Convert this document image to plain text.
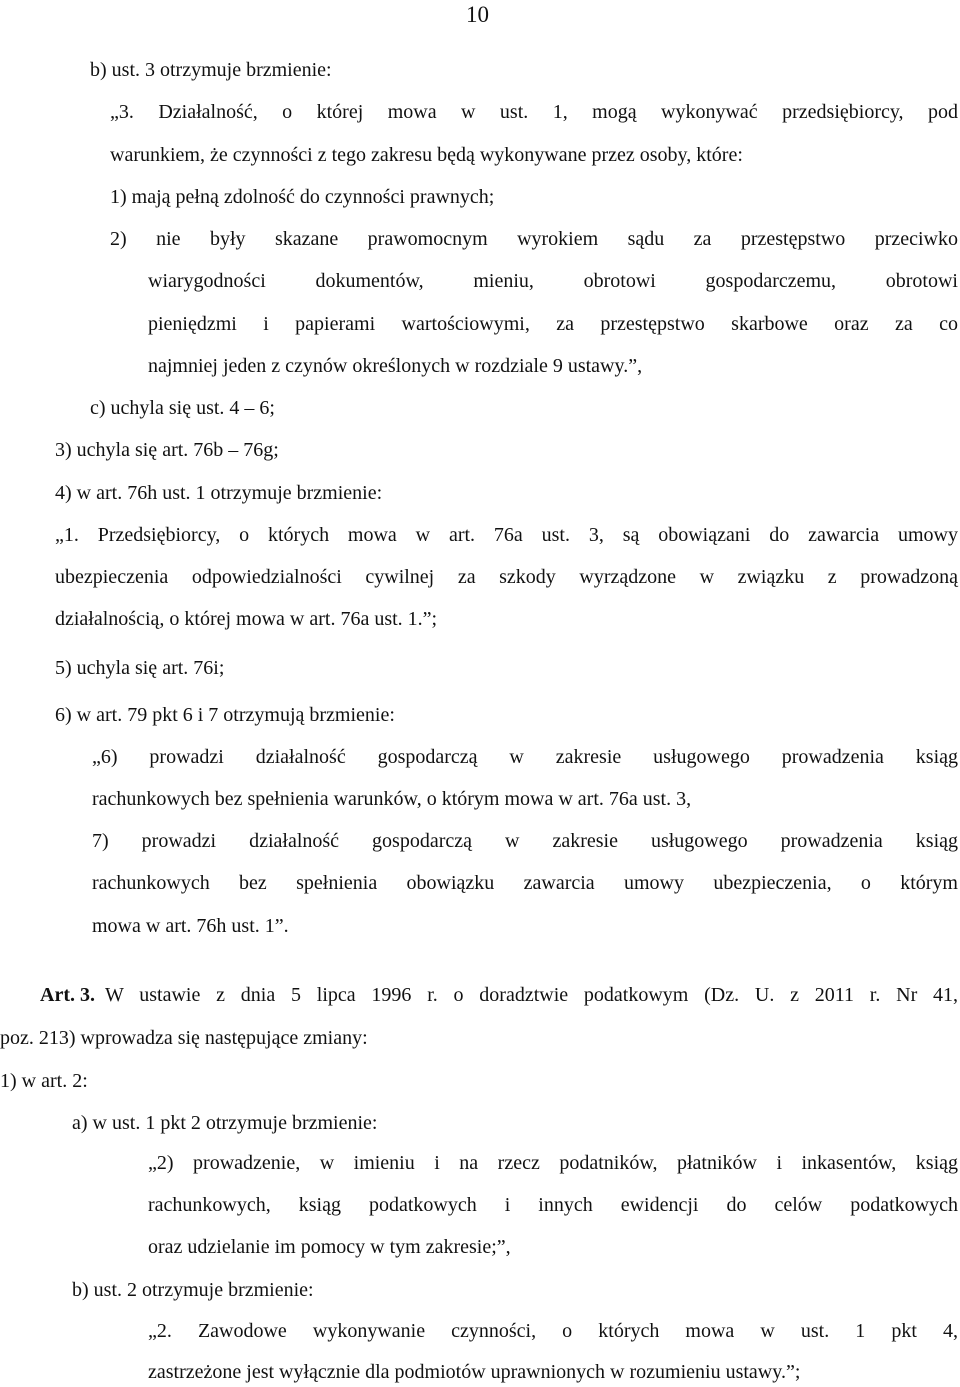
10
b) ust. 3 otrzymuje brzmienie:
„3. Działalność, o której mowa w ust. 1, mogą wykonywać przedsiębiorcy, pod
warunkiem, że czynności z tego zakresu będą wykonywane przez osoby, które:
1) mają pełną zdolność do czynności prawnych;
2) nie były skazane prawomocnym wyrokiem sądu za przestępstwo przeciwko
wiarygodności dokumentów, mieniu, obrotowi gospodarczemu, obrotowi
pieniędzmi i papierami wartościowymi, za przestępstwo skarbowe oraz za co
najmniej jeden z czynów określonych w rozdziale 9 ustawy.”,
c) uchyla się ust. 4 – 6;
3) uchyla się art. 76b – 76g;
4) w art. 76h ust. 1 otrzymuje brzmienie:
„1. Przedsiębiorcy, o których mowa w art. 76a ust. 3, są obowiązani do zawarcia umowy
ubezpieczenia odpowiedzialności cywilnej za szkody wyrządzone w związku z prowadzoną
działalnością, o której mowa w art. 76a ust. 1.”;
5) uchyla się art. 76i;
6) w art. 79 pkt 6 i 7 otrzymują brzmienie:
„6) prowadzi działalność gospodarczą w zakresie usługowego prowadzenia ksiąg
rachunkowych bez spełnienia warunków, o którym mowa w art. 76a ust. 3,
7) prowadzi działalność gospodarczą w zakresie usługowego prowadzenia ksiąg
rachunkowych bez spełnienia obowiązku zawarcia umowy ubezpieczenia, o którym
mowa w art. 76h ust. 1”.
Art. 3. W ustawie z dnia 5 lipca 1996 r. o doradztwie podatkowym (Dz. U. z 2011 r. Nr 41,
poz. 213) wprowadza się następujące zmiany:
1) w art. 2:
a) w ust. 1 pkt 2 otrzymuje brzmienie:
„2) prowadzenie, w imieniu i na rzecz podatników, płatników i inkasentów, ksiąg
rachunkowych, ksiąg podatkowych i innych ewidencji do celów podatkowych
oraz udzielanie im pomocy w tym zakresie;”,
b) ust. 2 otrzymuje brzmienie:
„2. Zawodowe wykonywanie czynności, o których mowa w ust. 1 pkt 4,
zastrzeżone jest wyłącznie dla podmiotów uprawnionych w rozumieniu ustawy.”;
